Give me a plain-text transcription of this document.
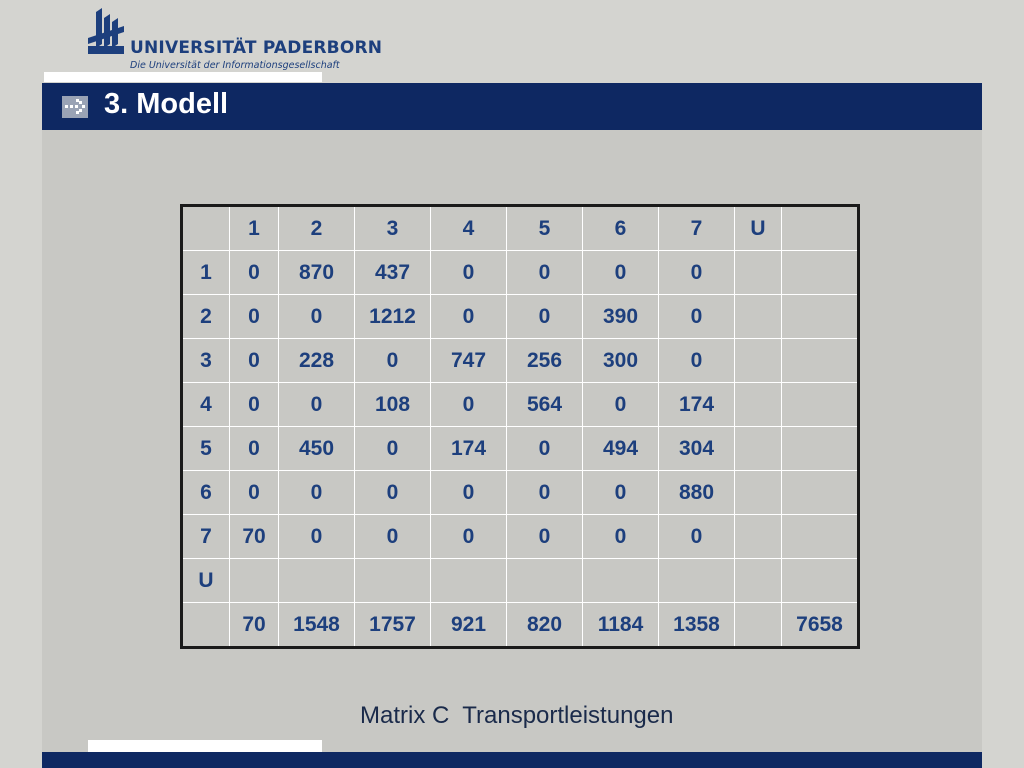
UNIVERSITÄT PADERBORN
Die Universität der Informationsgesellschaft
3. Modell
	1	2	3	4	5	6	7	U	
1	0	870	437	0	0	0	0		
2	0	0	1212	0	0	390	0		
3	0	228	0	747	256	300	0		
4	0	0	108	0	564	0	174		
5	0	450	0	174	0	494	304		
6	0	0	0	0	0	0	880		
7	70	0	0	0	0	0	0		
U									
	70	1548	1757	921	820	1184	1358		7658
Matrix C  Transportleistungen
